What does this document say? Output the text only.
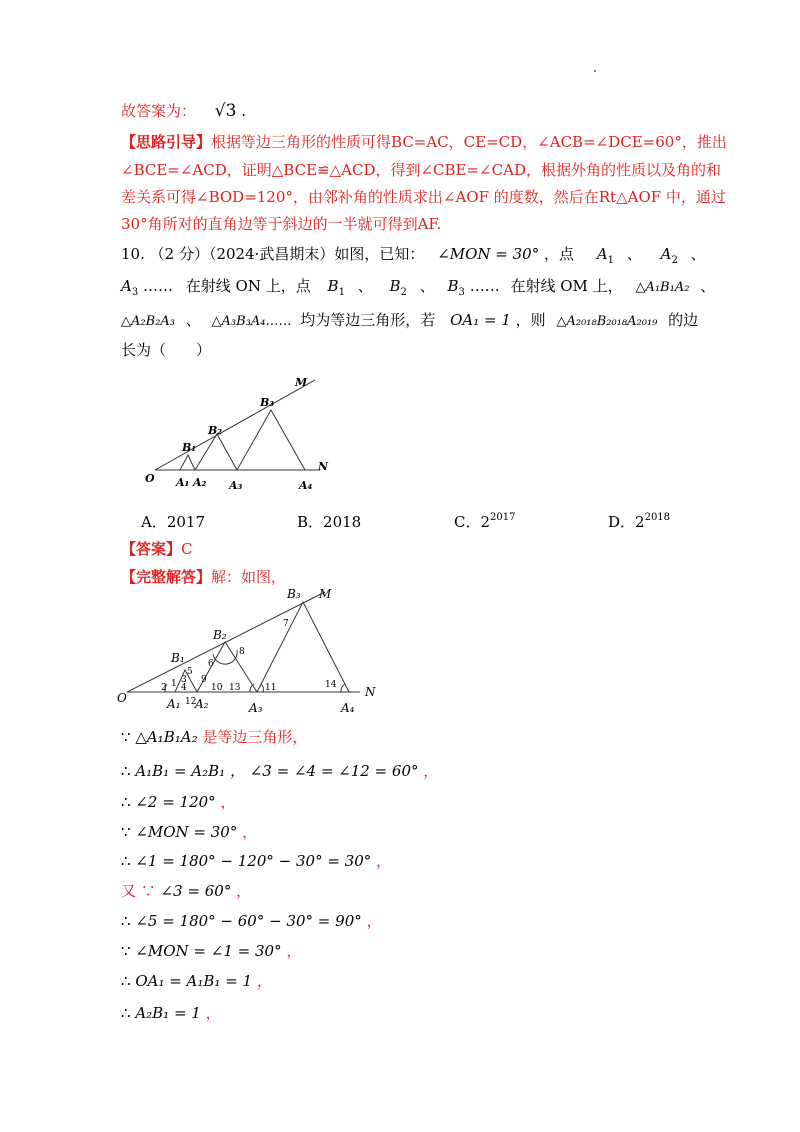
故答案为： √3 .
【思路引导】根据等边三角形的性质可得BC=AC，CE=CD，∠ACB=∠DCE=60°，推出
∠BCE=∠ACD，证明△BCE≌△ACD，得到∠CBE=∠CAD，根据外角的性质以及角的和
差关系可得∠BOD=120°，由邻补角的性质求出∠AOF 的度数，然后在Rt△AOF 中，通过
30°角所对的直角边等于斜边的一半就可得到AF.
10. （2 分）（2024·武昌期末）如图，已知： ∠MON = 30° ，点 $A_1$ 、 $A_2$ 、
$A_3$ …… 在射线 ON 上，点 $B_1$ 、 $B_2$ 、 $B_3$ …… 在射线 OM 上， △A₁B₁A₂ 、
△A₂B₂A₃ 、 △A₃B₃A₄…… 均为等边三角形，若 OA₁ = 1 ，则 △A₂₀₁₈B₂₀₁₈A₂₀₁₉ 的边
长为（　　）
O
M
N
B₁
B₂
B₃
A₁ A₂ A₃	A₄
A．2017	B．2018	C．$2^{2017}$	D．$2^{2018}$
【答案】C
【完整解答】解：如图，
2 1 3
4
5
6
9
10
8
7
13	11	14
12
O
M
N
B₁
B₂
B₃
A₁ A₂	A₃	A₄
∵ △A₁B₁A₂ 是等边三角形，
∴ A₁B₁ = A₂B₁ ， ∠3 = ∠4 = ∠12 = 60° ，
∴ ∠2 = 120° ，
∵ ∠MON = 30° ，
∴ ∠1 = 180° − 120° − 30° = 30° ，
又 ∵ ∠3 = 60° ，
∴ ∠5 = 180° − 60° − 30° = 90° ，
∵ ∠MON = ∠1 = 30° ，
∴ OA₁ = A₁B₁ = 1 ，
∴ A₂B₁ = 1 ，
